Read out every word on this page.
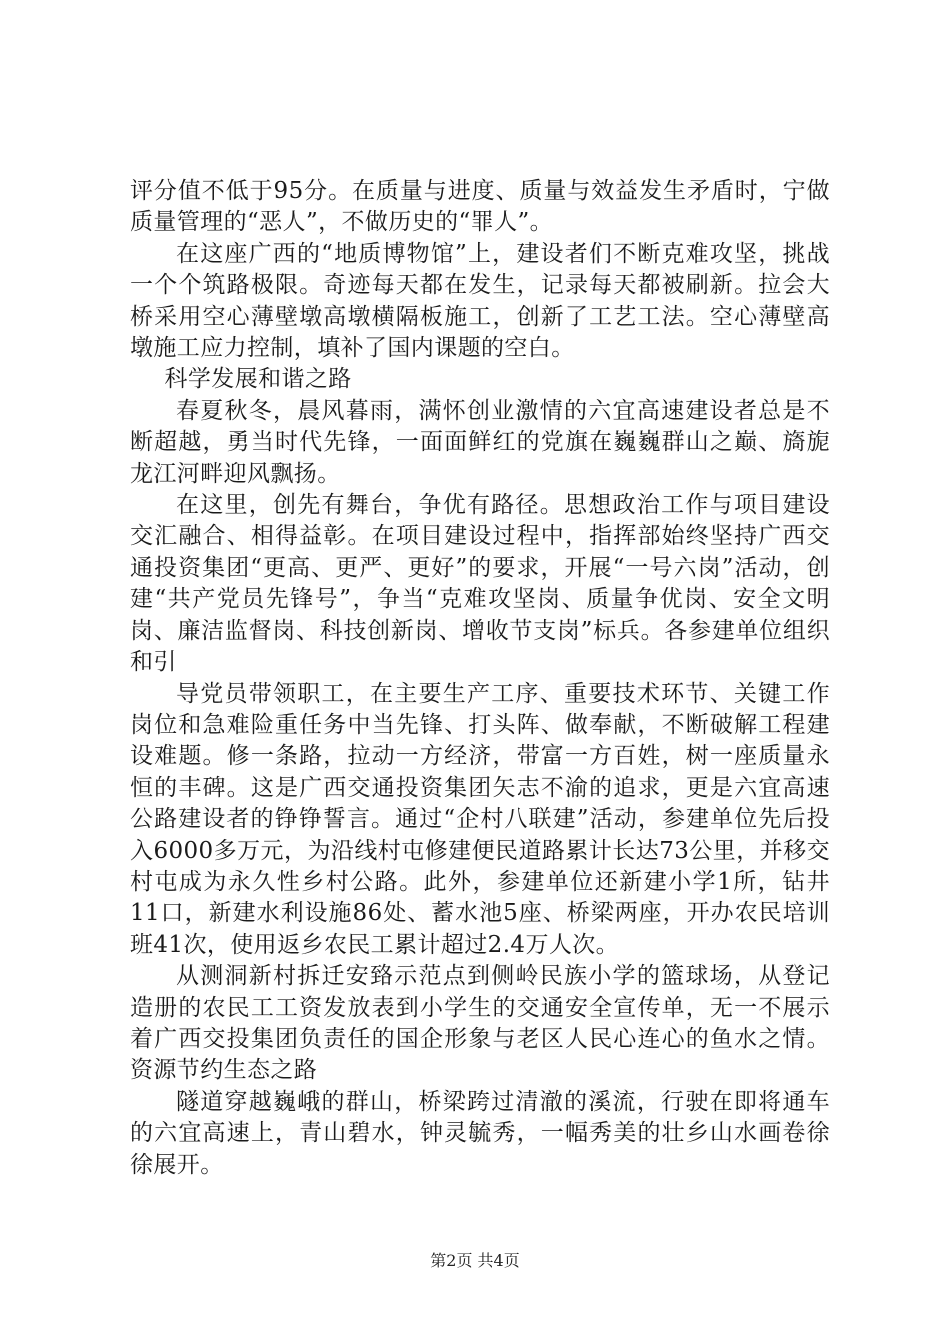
评分值不低于95分。在质量与进度、质量与效益发生矛盾时，宁做质量管理的“恶人”，不做历史的“罪人”。

在这座广西的“地质博物馆”上，建设者们不断克难攻坚，挑战一个个筑路极限。奇迹每天都在发生，记录每天都被刷新。拉会大桥采用空心薄壁墩高墩横隔板施工，创新了工艺工法。空心薄壁高墩施工应力控制，填补了国内课题的空白。

科学发展和谐之路

春夏秋冬，晨风暮雨，满怀创业激情的六宜高速建设者总是不断超越，勇当时代先锋，一面面鲜红的党旗在巍巍群山之巅、旖旎龙江河畔迎风飘扬。

在这里，创先有舞台，争优有路径。思想政治工作与项目建设交汇融合、相得益彰。在项目建设过程中，指挥部始终坚持广西交通投资集团“更高、更严、更好”的要求，开展“一号六岗”活动，创建“共产党员先锋号”，争当“克难攻坚岗、质量争优岗、安全文明岗、廉洁监督岗、科技创新岗、增收节支岗”标兵。各参建单位组织和引

导党员带领职工，在主要生产工序、重要技术环节、关键工作岗位和急难险重任务中当先锋、打头阵、做奉献，不断破解工程建设难题。修一条路，拉动一方经济，带富一方百姓，树一座质量永恒的丰碑。这是广西交通投资集团矢志不渝的追求，更是六宜高速公路建设者的铮铮誓言。通过“企村八联建”活动，参建单位先后投入6000多万元，为沿线村屯修建便民道路累计长达73公里，并移交村屯成为永久性乡村公路。此外，参建单位还新建小学1所，钻井11口，新建水利设施86处、蓄水池5座、桥梁两座，开办农民培训班41次，使用返乡农民工累计超过2.4万人次。

从测洞新村拆迁安臵示范点到侧岭民族小学的篮球场，从登记造册的农民工工资发放表到小学生的交通安全宣传单，无一不展示着广西交投集团负责任的国企形象与老区人民心连心的鱼水之情。资源节约生态之路

隧道穿越巍峨的群山，桥梁跨过清澈的溪流，行驶在即将通车的六宜高速上，青山碧水，钟灵毓秀，一幅秀美的壮乡山水画卷徐徐展开。

第2页 共4页
